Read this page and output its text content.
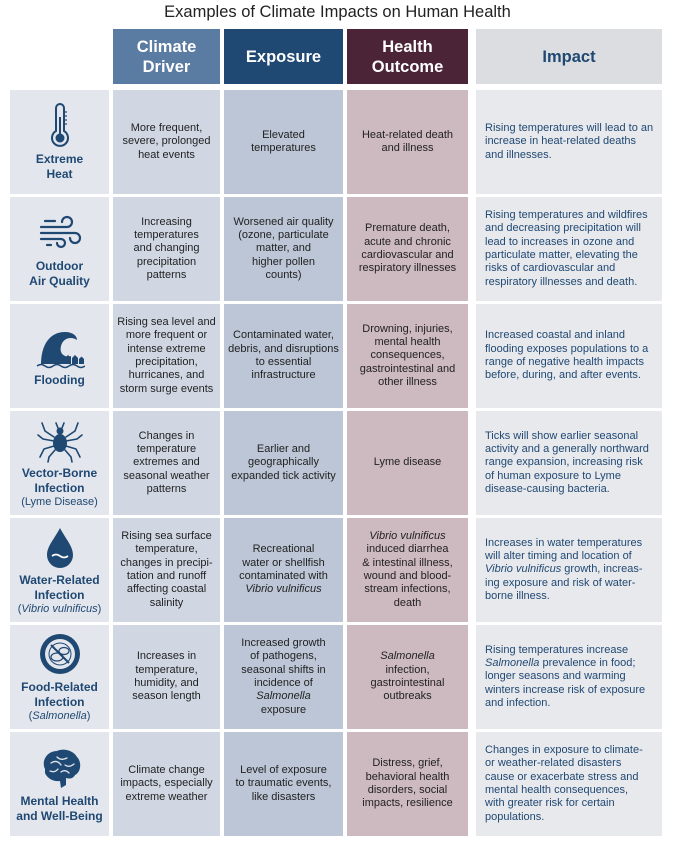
Examples of Climate Impacts on Human Health
Climate
Driver
Exposure
Health
Outcome
Impact
Extreme
Heat
More frequent,
severe, prolonged
heat events
Elevated
temperatures
Heat-related death
and illness
Rising temperatures will lead to an
increase in heat-related deaths
and illnesses.
Outdoor
Air Quality
Increasing
temperatures
and changing
precipitation
patterns
Worsened air quality
(ozone, particulate
matter, and
higher pollen
counts)
Premature death,
acute and chronic
cardiovascular and
respiratory illnesses
Rising temperatures and wildfires
and decreasing precipitation will
lead to increases in ozone and
particulate matter, elevating the
risks of cardiovascular and
respiratory illnesses and death.
Flooding
Rising sea level and
more frequent or
intense extreme
precipitation,
hurricanes, and
storm surge events
Contaminated water,
debris, and disruptions
to essential
infrastructure
Drowning, injuries,
mental health
consequences,
gastrointestinal and
other illness
Increased coastal and inland
flooding exposes populations to a
range of negative health impacts
before, during, and after events.
Vector-Borne
Infection
(Lyme Disease)
Changes in
temperature
extremes and
seasonal weather
patterns
Earlier and
geographically
expanded tick activity
Lyme disease
Ticks will show earlier seasonal
activity and a generally northward
range expansion, increasing risk
of human exposure to Lyme
disease-causing bacteria.
Water-Related
Infection
(Vibrio vulnificus)
Rising sea surface
temperature,
changes in precipi-
tation and runoff
affecting coastal
salinity
Recreational
water or shellfish
contaminated with
Vibrio vulnificus
Vibrio vulnificus
induced diarrhea
& intestinal illness,
wound and blood-
stream infections,
death
Increases in water temperatures
will alter timing and location of
Vibrio vulnificus growth, increas-
ing exposure and risk of water-
borne illness.
Food-Related
Infection
(Salmonella)
Increases in
temperature,
humidity, and
season length
Increased growth
of pathogens,
seasonal shifts in
incidence of
Salmonella
exposure
Salmonella
infection,
gastrointestinal
outbreaks
Rising temperatures increase
Salmonella prevalence in food;
longer seasons and warming
winters increase risk of exposure
and infection.
Mental Health
and Well-Being
Climate change
impacts, especially
extreme weather
Level of exposure
to traumatic events,
like disasters
Distress, grief,
behavioral health
disorders, social
impacts, resilience
Changes in exposure to climate-
or weather-related disasters
cause or exacerbate stress and
mental health consequences,
with greater risk for certain
populations.
